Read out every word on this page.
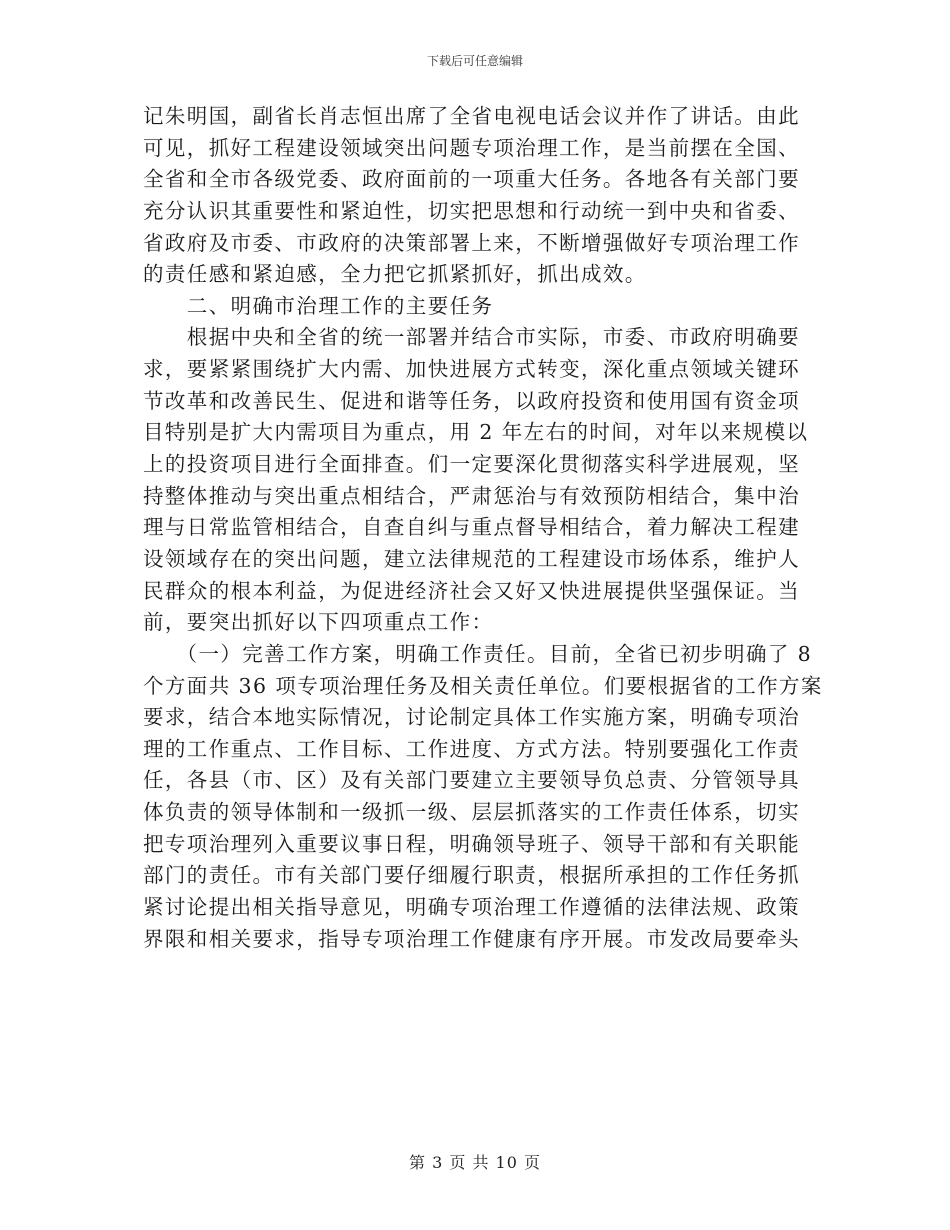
下载后可任意编辑
记朱明国，副省长肖志恒出席了全省电视电话会议并作了讲话。由此
可见，抓好工程建设领域突出问题专项治理工作，是当前摆在全国、
全省和全市各级党委、政府面前的一项重大任务。各地各有关部门要
充分认识其重要性和紧迫性，切实把思想和行动统一到中央和省委、
省政府及市委、市政府的决策部署上来，不断增强做好专项治理工作
的责任感和紧迫感，全力把它抓紧抓好，抓出成效。
　　二、明确市治理工作的主要任务
　　根据中央和全省的统一部署并结合市实际，市委、市政府明确要
求，要紧紧围绕扩大内需、加快进展方式转变，深化重点领域关键环
节改革和改善民生、促进和谐等任务，以政府投资和使用国有资金项
目特别是扩大内需项目为重点，用 2 年左右的时间，对年以来规模以
上的投资项目进行全面排查。们一定要深化贯彻落实科学进展观，坚
持整体推动与突出重点相结合，严肃惩治与有效预防相结合，集中治
理与日常监管相结合，自查自纠与重点督导相结合，着力解决工程建
设领域存在的突出问题，建立法律规范的工程建设市场体系，维护人
民群众的根本利益，为促进经济社会又好又快进展提供坚强保证。当
前，要突出抓好以下四项重点工作：
　　（一）完善工作方案，明确工作责任。目前，全省已初步明确了 8
个方面共 36 项专项治理任务及相关责任单位。们要根据省的工作方案
要求，结合本地实际情况，讨论制定具体工作实施方案，明确专项治
理的工作重点、工作目标、工作进度、方式方法。特别要强化工作责
任，各县（市、区）及有关部门要建立主要领导负总责、分管领导具
体负责的领导体制和一级抓一级、层层抓落实的工作责任体系，切实
把专项治理列入重要议事日程，明确领导班子、领导干部和有关职能
部门的责任。市有关部门要仔细履行职责，根据所承担的工作任务抓
紧讨论提出相关指导意见，明确专项治理工作遵循的法律法规、政策
界限和相关要求，指导专项治理工作健康有序开展。市发改局要牵头
第 3 页 共 10 页
